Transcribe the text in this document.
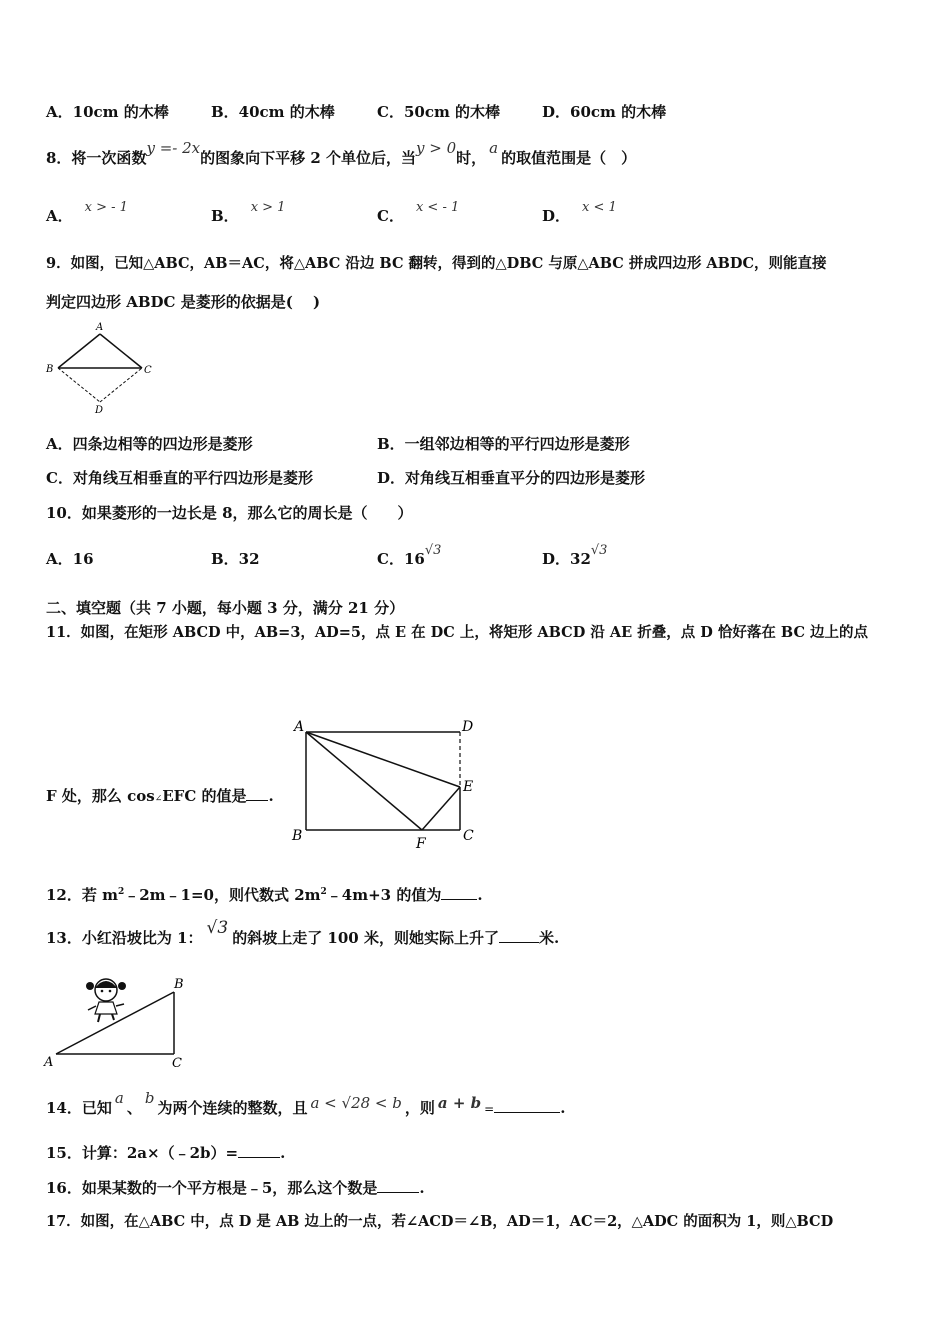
A．10cm 的木棒	B．40cm 的木棒	C．50cm 的木棒	D．60cm 的木棒
8．将一次函数y =- 2x的图象向下平移 2 个单位后，当y > 0时，a的取值范围是（　）
A． x > - 1	B． x > 1	C． x < - 1	D． x < 1
9．如图，已知△ABC，AB＝AC，将△ABC 沿边 BC 翻转，得到的△DBC 与原△ABC 拼成四边形 ABDC，则能直接
判定四边形 ABDC 是菱形的依据是(　 )
A
B	C
D
A．四条边相等的四边形是菱形	B．一组邻边相等的平行四边形是菱形
C．对角线互相垂直的平行四边形是菱形	D．对角线互相垂直平分的四边形是菱形
10．如果菱形的一边长是 8，那么它的周长是（　　）
A．16	B．32	C．16√3	D．32√3
二、填空题（共 7 小题，每小题 3 分，满分 21 分）
11．如图，在矩形 ABCD 中，AB=3，AD=5，点 E 在 DC 上，将矩形 ABCD 沿 AE 折叠，点 D 恰好落在 BC 边上的点
A	D
E
B	C
F
F 处，那么 cos∠EFC 的值是 .
12．若 $m^2﹣2m﹣1=0$，则代数式 $2m^2﹣4m+3$ 的值为 .
13．小红沿坡比为 1： √3 的斜坡上走了 100 米，则她实际上升了	米.
A
B
C
14．已知a、b为两个连续的整数，且 a < √28 < b ，则 a + b =	.
15．计算：2a×（﹣2b）=	.
16．如果某数的一个平方根是﹣5，那么这个数是	.
17．如图，在△ABC 中，点 D 是 AB 边上的一点，若∠ACD＝∠B，AD＝1，AC＝2，△ADC 的面积为 1，则△BCD
